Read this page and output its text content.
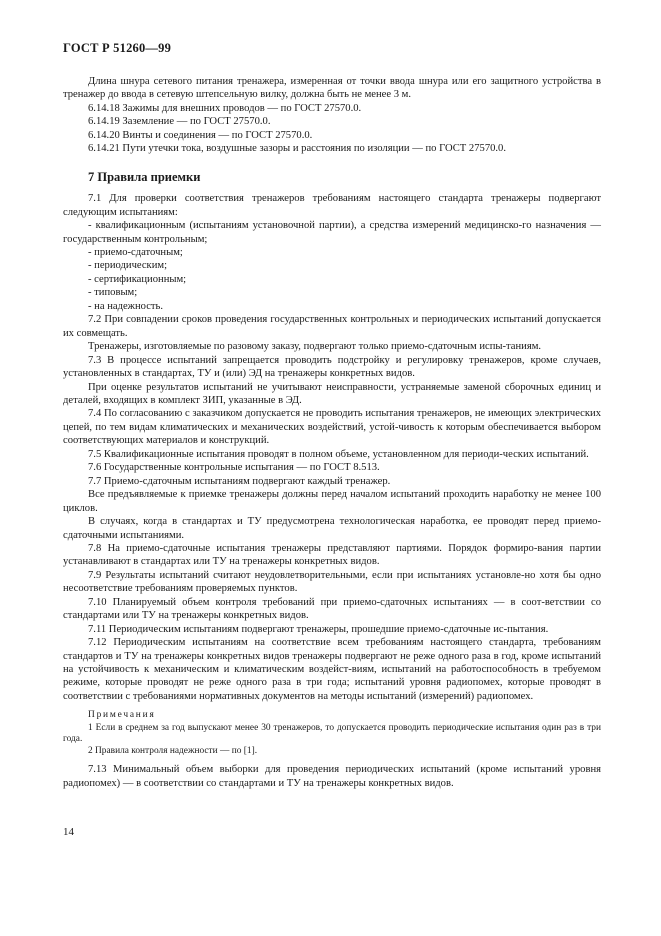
ГОСТ Р 51260—99

Длина шнура сетевого питания тренажера, измеренная от точки ввода шнура или его защитного устройства в тренажер до ввода в сетевую штепсельную вилку, должна быть не менее 3 м.

6.14.18 Зажимы для внешних проводов — по ГОСТ 27570.0.

6.14.19 Заземление — по ГОСТ 27570.0.

6.14.20 Винты и соединения — по ГОСТ 27570.0.

6.14.21 Пути утечки тока, воздушные зазоры и расстояния по изоляции — по ГОСТ 27570.0.

7 Правила приемки

7.1 Для проверки соответствия тренажеров требованиям настоящего стандарта тренажеры подвергают следующим испытаниям:

- квалификационным (испытаниям установочной партии), а средства измерений медицинско-го назначения — государственным контрольным;

- приемо-сдаточным;

- периодическим;

- сертификационным;

- типовым;

- на надежность.

7.2 При совпадении сроков проведения государственных контрольных и периодических испытаний допускается их совмещать.

Тренажеры, изготовляемые по разовому заказу, подвергают только приемо-сдаточным испы-таниям.

7.3 В процессе испытаний запрещается проводить подстройку и регулировку тренажеров, кроме случаев, установленных в стандартах, ТУ и (или) ЭД на тренажеры конкретных видов.

При оценке результатов испытаний не учитывают неисправности, устраняемые заменой сборочных единиц и деталей, входящих в комплект ЗИП, указанные в ЭД.

7.4 По согласованию с заказчиком допускается не проводить испытания тренажеров, не имеющих электрических цепей, по тем видам климатических и механических воздействий, устой-чивость к которым обеспечивается выбором соответствующих материалов и конструкций.

7.5 Квалификационные испытания проводят в полном объеме, установленном для периоди-ческих испытаний.

7.6 Государственные контрольные испытания — по ГОСТ 8.513.

7.7 Приемо-сдаточным испытаниям подвергают каждый тренажер.

Все предъявляемые к приемке тренажеры должны перед началом испытаний проходить наработку не менее 100 циклов.

В случаях, когда в стандартах и ТУ предусмотрена технологическая наработка, ее проводят перед приемо-сдаточными испытаниями.

7.8 На приемо-сдаточные испытания тренажеры представляют партиями. Порядок формиро-вания партии устанавливают в стандартах или ТУ на тренажеры конкретных видов.

7.9 Результаты испытаний считают неудовлетворительными, если при испытаниях установле-но хотя бы одно несоответствие требованиям проверяемых пунктов.

7.10 Планируемый объем контроля требований при приемо-сдаточных испытаниях — в соот-ветствии со стандартами или ТУ на тренажеры конкретных видов.

7.11 Периодическим испытаниям подвергают тренажеры, прошедшие приемо-сдаточные ис-пытания.

7.12 Периодическим испытаниям на соответствие всем требованиям настоящего стандарта, требованиям стандартов и ТУ на тренажеры конкретных видов тренажеры подвергают не реже одного раза в год, кроме испытаний на устойчивость к механическим и климатическим воздейст-виям, испытаний на работоспособность в требуемом режиме, которые проводят не реже одного раза в три года; испытаний уровня радиопомех, которые проводят в соответствии с требованиями нормативных документов на методы испытаний (измерений) радиопомех.

Примечания

1 Если в среднем за год выпускают менее 30 тренажеров, то допускается проводить периодические испытания один раз в три года.

2 Правила контроля надежности — по [1].

7.13 Минимальный объем выборки для проведения периодических испытаний (кроме испытаний уровня радиопомех) — в соответствии со стандартами и ТУ на тренажеры конкретных видов.

14
